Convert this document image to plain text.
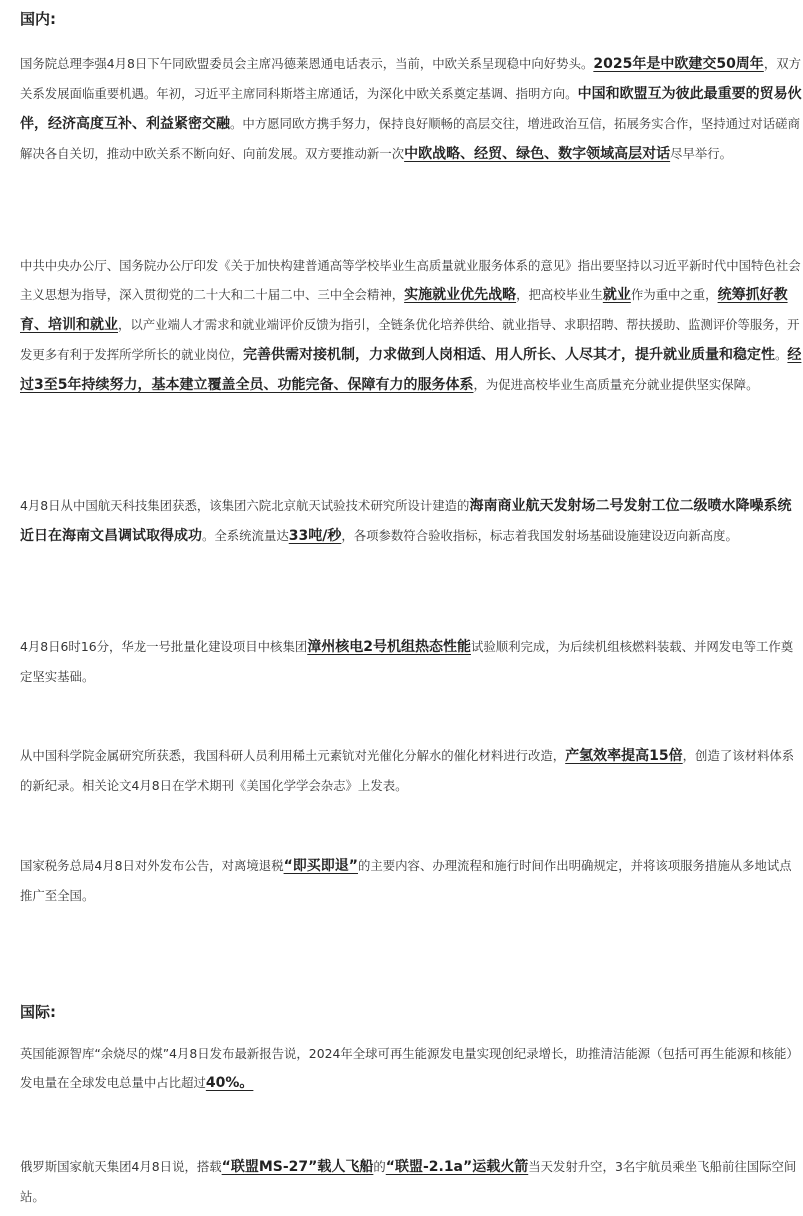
国内:
国务院总理李强4月8日下午同欧盟委员会主席冯德莱恩通电话表示，当前，中欧关系呈现稳中向好势头。2025年是中欧建交50周年，双方关系发展面临重要机遇。年初，习近平主席同科斯塔主席通话，为深化中欧关系奠定基调、指明方向。中国和欧盟互为彼此最重要的贸易伙伴，经济高度互补、利益紧密交融。中方愿同欧方携手努力，保持良好顺畅的高层交往，增进政治互信，拓展务实合作，坚持通过对话磋商解决各自关切，推动中欧关系不断向好、向前发展。双方要推动新一次中欧战略、经贸、绿色、数字领域高层对话尽早举行。
中共中央办公厅、国务院办公厅印发《关于加快构建普通高等学校毕业生高质量就业服务体系的意见》指出要坚持以习近平新时代中国特色社会主义思想为指导，深入贯彻党的二十大和二十届二中、三中全会精神，实施就业优先战略，把高校毕业生就业作为重中之重，统筹抓好教育、培训和就业，以产业端人才需求和就业端评价反馈为指引，全链条优化培养供给、就业指导、求职招聘、帮扶援助、监测评价等服务，开发更多有利于发挥所学所长的就业岗位，完善供需对接机制，力求做到人岗相适、用人所长、人尽其才，提升就业质量和稳定性。经过3至5年持续努力，基本建立覆盖全员、功能完备、保障有力的服务体系，为促进高校毕业生高质量充分就业提供坚实保障。
4月8日从中国航天科技集团获悉，该集团六院北京航天试验技术研究所设计建造的海南商业航天发射场二号发射工位二级喷水降噪系统近日在海南文昌调试取得成功。全系统流量达33吨/秒，各项参数符合验收指标，标志着我国发射场基础设施建设迈向新高度。
4月8日6时16分，华龙一号批量化建设项目中核集团漳州核电2号机组热态性能试验顺利完成，为后续机组核燃料装载、并网发电等工作奠定坚实基础。
从中国科学院金属研究所获悉，我国科研人员利用稀土元素钪对光催化分解水的催化材料进行改造，产氢效率提高15倍，创造了该材料体系的新纪录。相关论文4月8日在学术期刊《美国化学学会杂志》上发表。
国家税务总局4月8日对外发布公告，对离境退税“即买即退”的主要内容、办理流程和施行时间作出明确规定，并将该项服务措施从多地试点推广至全国。
国际:
英国能源智库“余烧尽的煤”4月8日发布最新报告说，2024年全球可再生能源发电量实现创纪录增长，助推清洁能源（包括可再生能源和核能）发电量在全球发电总量中占比超过40%。
俄罗斯国家航天集团4月8日说，搭载“联盟MS-27”载人飞船的“联盟-2.1a”运载火箭当天发射升空，3名宇航员乘坐飞船前往国际空间站。
